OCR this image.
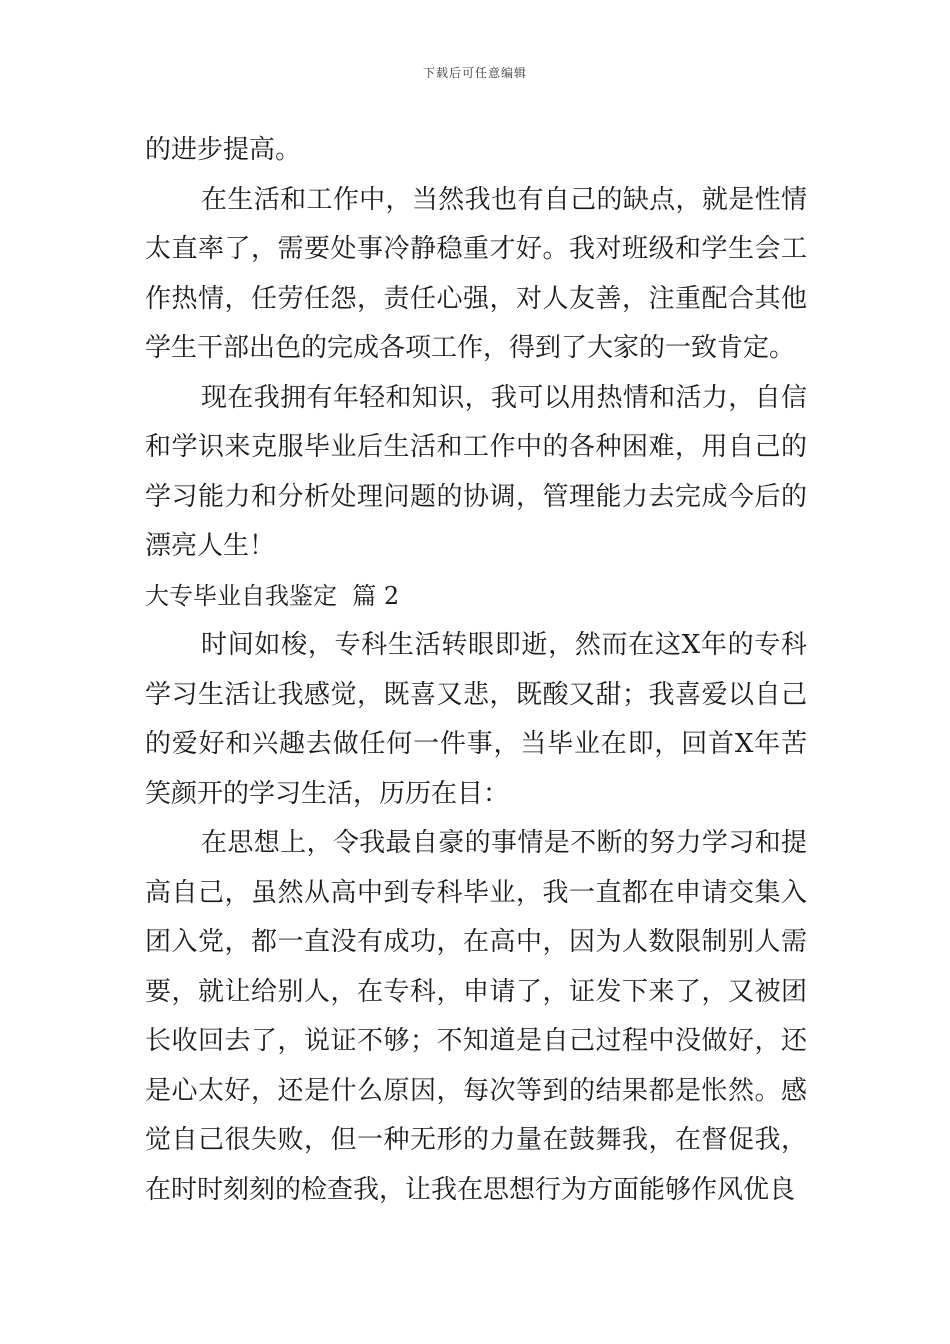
下载后可任意编辑

的进步提高。

在生活和工作中，当然我也有自己的缺点，就是性情太直率了，需要处事冷静稳重才好。我对班级和学生会工作热情，任劳任怨，责任心强，对人友善，注重配合其他学生干部出色的完成各项工作，得到了大家的一致肯定。

现在我拥有年轻和知识，我可以用热情和活力，自信和学识来克服毕业后生活和工作中的各种困难，用自己的学习能力和分析处理问题的协调，管理能力去完成今后的漂亮人生！

大专毕业自我鉴定  篇 2

时间如梭，专科生活转眼即逝，然而在这X年的专科学习生活让我感觉，既喜又悲，既酸又甜；我喜爱以自己的爱好和兴趣去做任何一件事，当毕业在即，回首X年苦笑颜开的学习生活，历历在目：

在思想上，令我最自豪的事情是不断的努力学习和提高自己，虽然从高中到专科毕业，我一直都在申请交集入团入党，都一直没有成功，在高中，因为人数限制别人需要，就让给别人，在专科，申请了，证发下来了，又被团长收回去了，说证不够；不知道是自己过程中没做好，还是心太好，还是什么原因，每次等到的结果都是怅然。感觉自己很失败，但一种无形的力量在鼓舞我，在督促我，在时时刻刻的检查我，让我在思想行为方面能够作风优良
